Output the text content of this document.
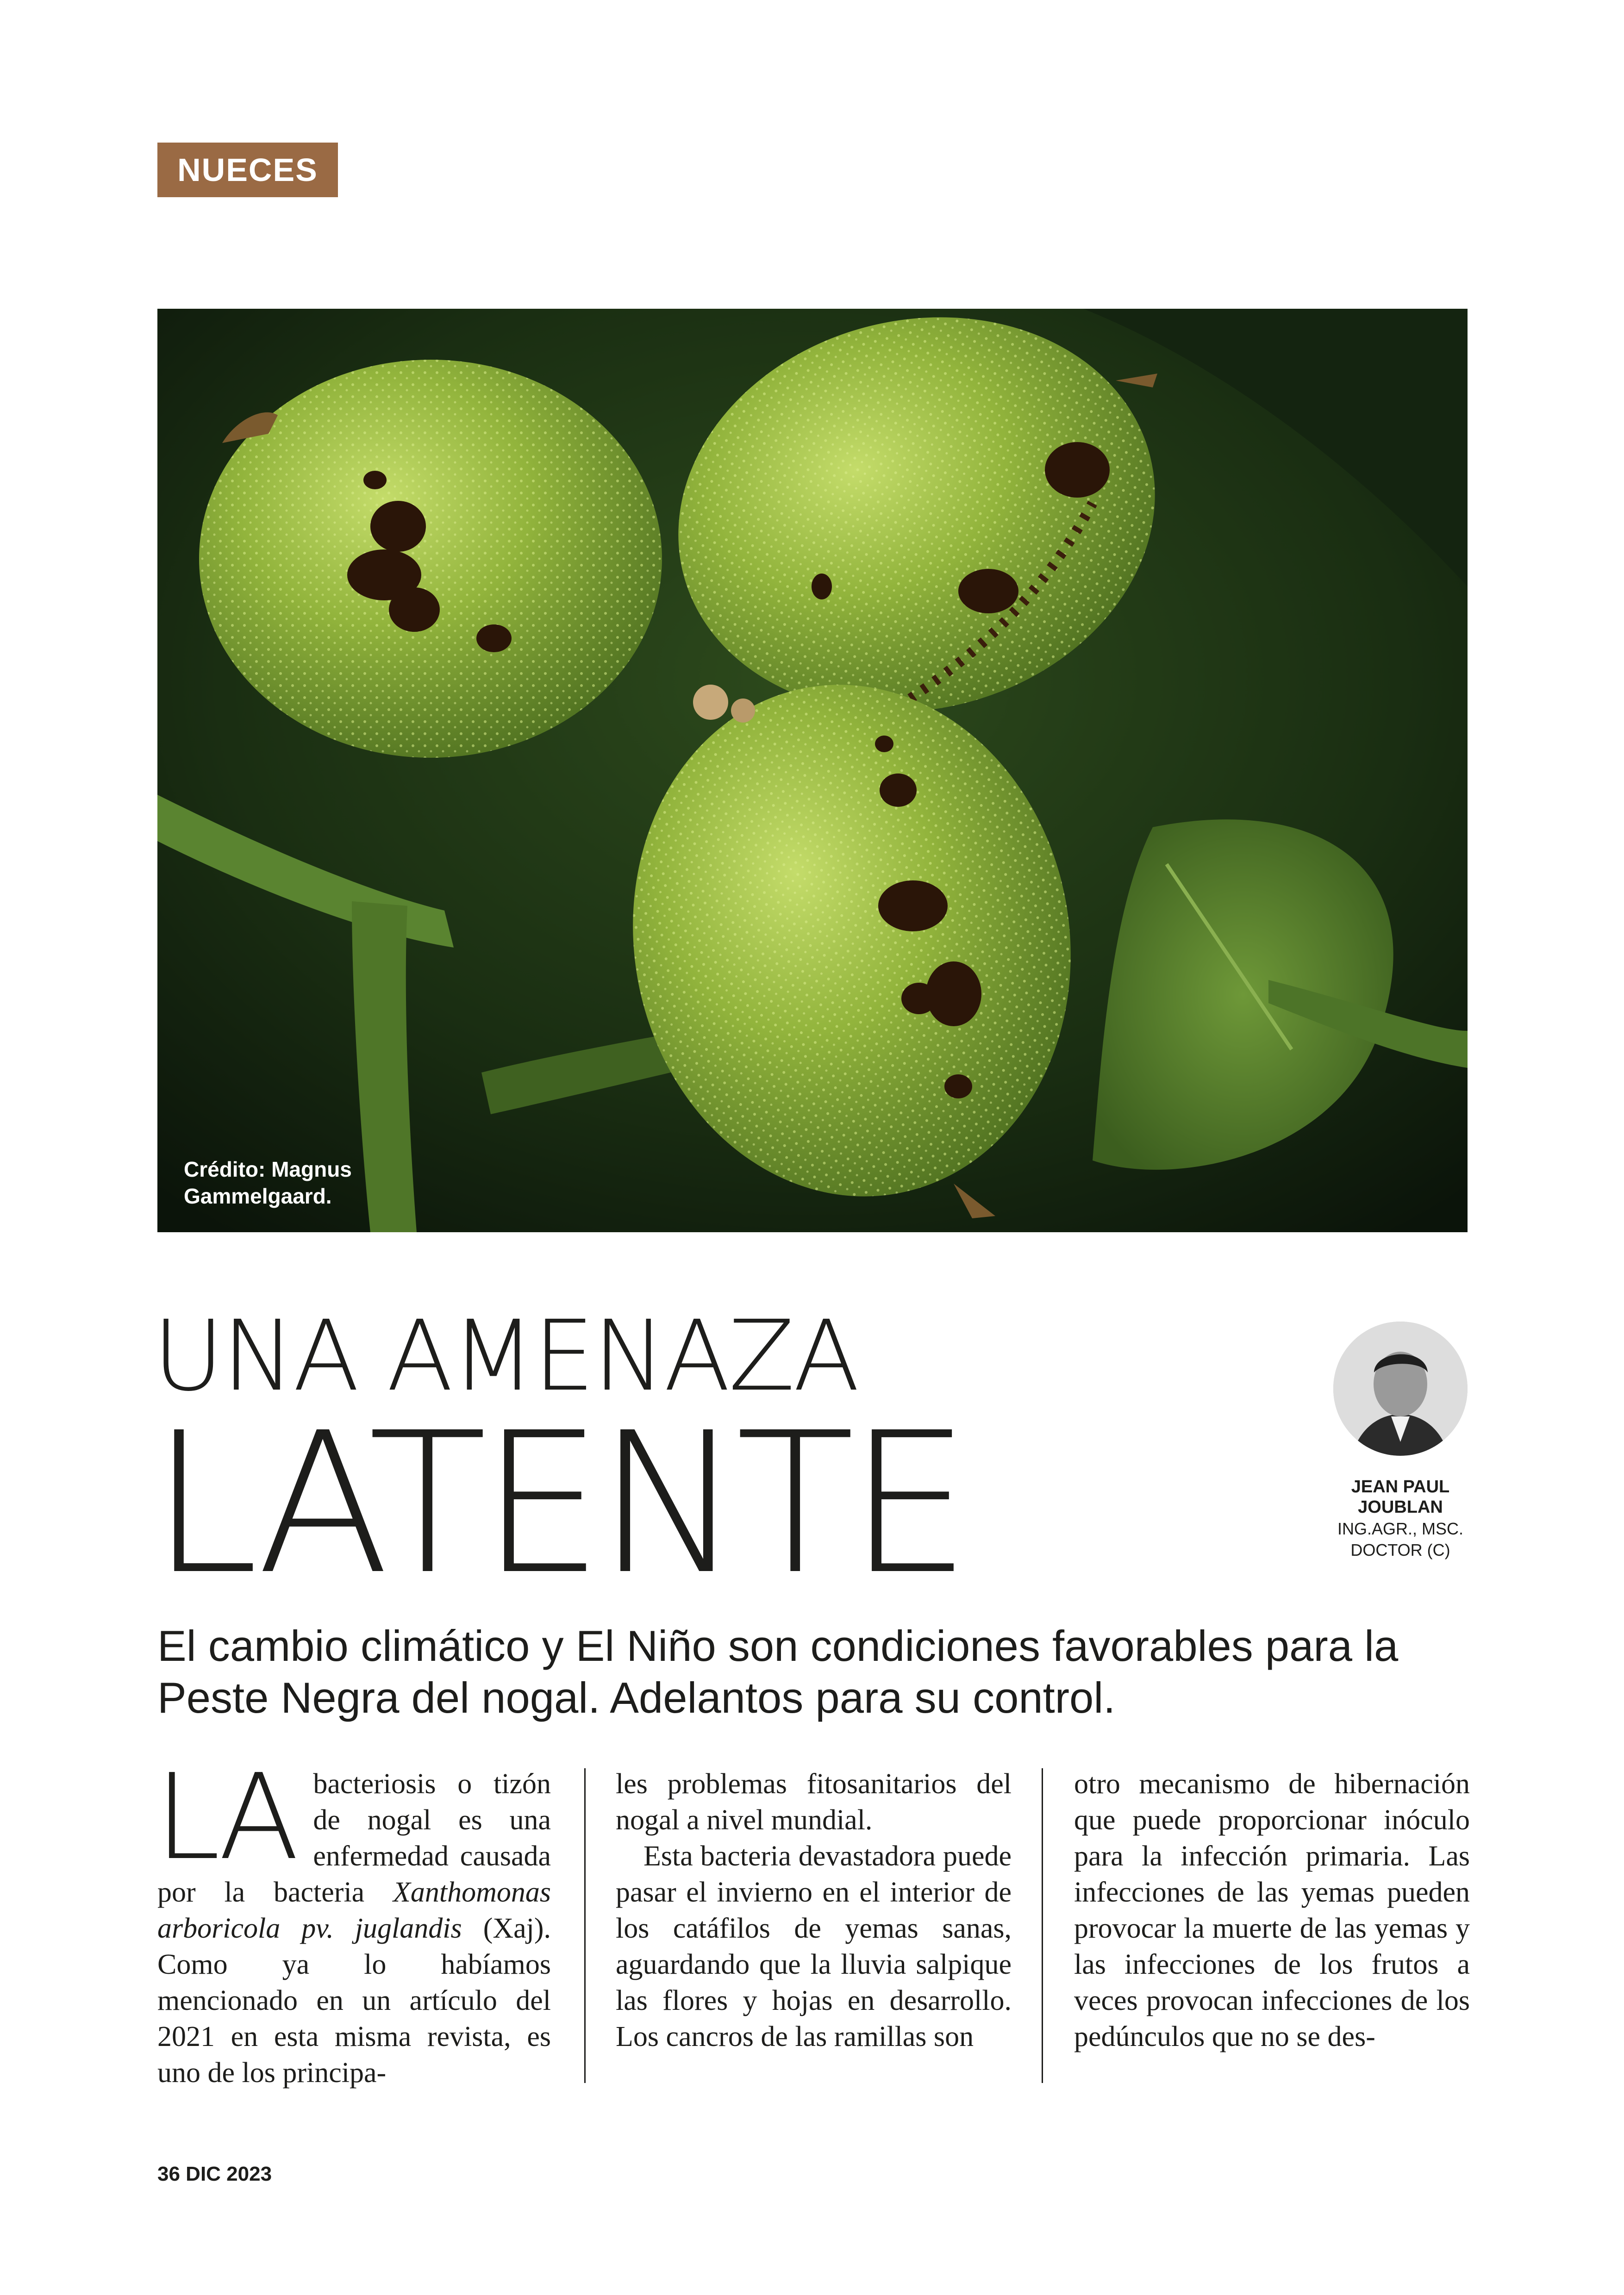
NUECES
Crédito: Magnus Gammelgaard.
UNA AMENAZA
LATENTE	JEAN PAUL
JOUBLAN
ING.AGR., MSC.
DOCTOR (C)
El cambio climático y El Niño son condiciones favorables para la Peste Negra del nogal. Adelantos para su control.

LA bacteriosis o tizón de nogal es una enfermedad causada por la bacteria Xanthomonas arboricola pv. juglandis (Xaj). Como ya lo habíamos mencionado en un artículo del 2021 en esta misma revista, es uno de los principa-

les problemas fitosanitarios del nogal a nivel mundial.

Esta bacteria devastadora puede pasar el invierno en el interior de los catáfilos de yemas sanas, aguardando que la lluvia salpique las flores y hojas en desarrollo. Los cancros de las ramillas son

otro mecanismo de hibernación que puede proporcionar inóculo para la infección primaria. Las infecciones de las yemas pueden provocar la muerte de las yemas y las infecciones de los frutos a veces provocan infecciones de los pedúnculos que no se des-

36 DIC 2023
